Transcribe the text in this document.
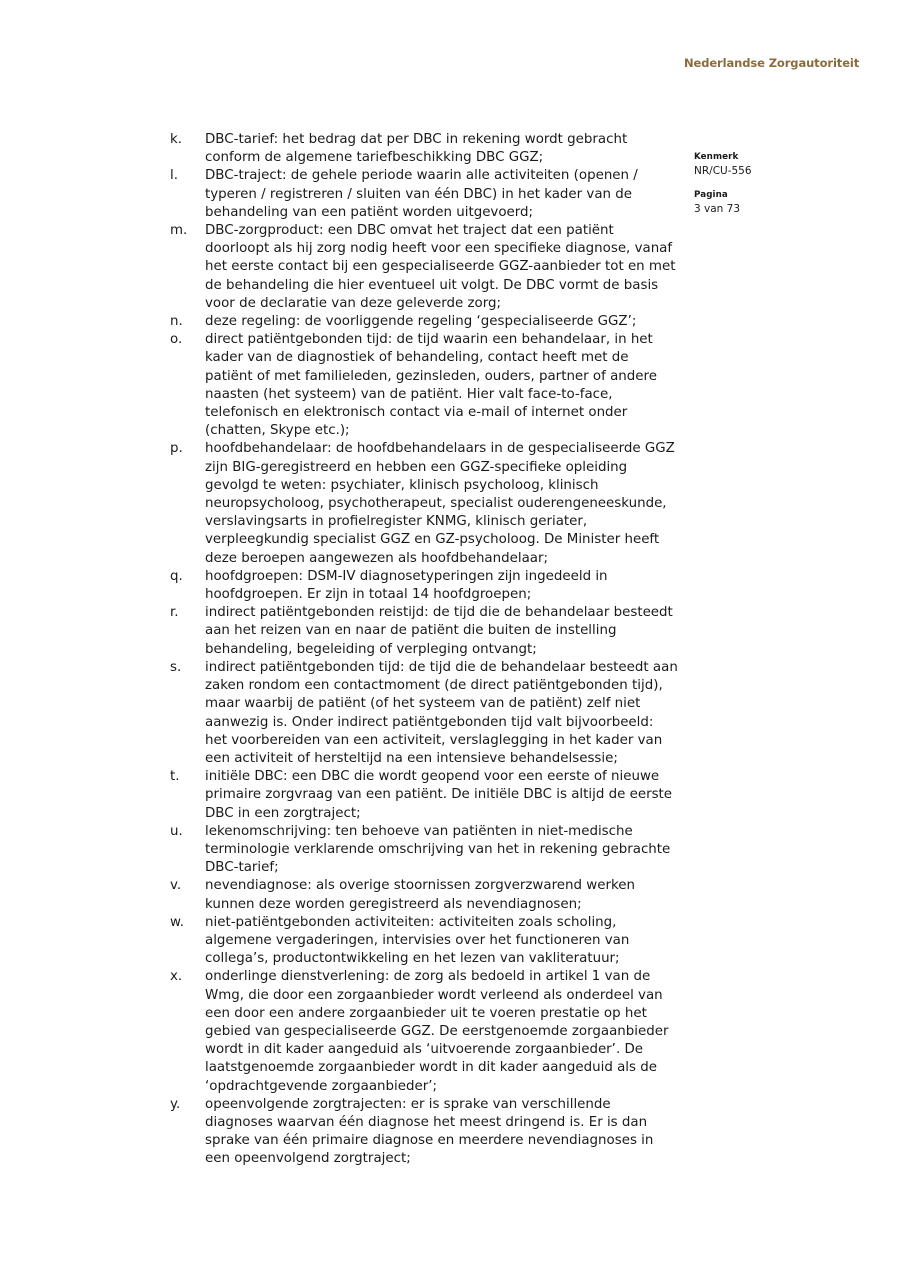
Nederlandse Zorgautoriteit
k.	DBC-tarief: het bedrag dat per DBC in rekening wordt gebracht conform de algemene tariefbeschikking DBC GGZ;
l.	DBC-traject: de gehele periode waarin alle activiteiten (openen / typeren / registreren / sluiten van één DBC) in het kader van de behandeling van een patiënt worden uitgevoerd;
m.	DBC-zorgproduct: een DBC omvat het traject dat een patiënt doorloopt als hij zorg nodig heeft voor een specifieke diagnose, vanaf het eerste contact bij een gespecialiseerde GGZ-aanbieder tot en met de behandeling die hier eventueel uit volgt. De DBC vormt de basis voor de declaratie van deze geleverde zorg;
n.	deze regeling: de voorliggende regeling ‘gespecialiseerde GGZ’;
o.	direct patiëntgebonden tijd: de tijd waarin een behandelaar, in het kader van de diagnostiek of behandeling, contact heeft met de patiënt of met familieleden, gezinsleden, ouders, partner of andere naasten (het systeem) van de patiënt. Hier valt face-to-face, telefonisch en elektronisch contact via e-mail of internet onder (chatten, Skype etc.);
p.	hoofdbehandelaar: de hoofdbehandelaars in de gespecialiseerde GGZ zijn BIG-geregistreerd en hebben een GGZ-specifieke opleiding gevolgd te weten: psychiater, klinisch psycholoog, klinisch neuropsycholoog, psychotherapeut, specialist ouderengeneeskunde, verslavingsarts in profielregister KNMG, klinisch geriater, verpleegkundig specialist GGZ en GZ-psycholoog. De Minister heeft deze beroepen aangewezen als hoofdbehandelaar;
q.	hoofdgroepen: DSM-IV diagnosetyperingen zijn ingedeeld in hoofdgroepen. Er zijn in totaal 14 hoofdgroepen;
r.	indirect patiëntgebonden reistijd: de tijd die de behandelaar besteedt aan het reizen van en naar de patiënt die buiten de instelling behandeling, begeleiding of verpleging ontvangt;
s.	indirect patiëntgebonden tijd: de tijd die de behandelaar besteedt aan zaken rondom een contactmoment (de direct patiëntgebonden tijd), maar waarbij de patiënt (of het systeem van de patiënt) zelf niet aanwezig is. Onder indirect patiëntgebonden tijd valt bijvoorbeeld: het voorbereiden van een activiteit, verslaglegging in het kader van een activiteit of hersteltijd na een intensieve behandelsessie;
t.	initiële DBC: een DBC die wordt geopend voor een eerste of nieuwe primaire zorgvraag van een patiënt. De initiële DBC is altijd de eerste DBC in een zorgtraject;
u.	lekenomschrijving: ten behoeve van patiënten in niet-medische terminologie verklarende omschrijving van het in rekening gebrachte DBC-tarief;
v.	nevendiagnose: als overige stoornissen zorgverzwarend werken kunnen deze worden geregistreerd als nevendiagnosen;
w.	niet-patiëntgebonden activiteiten: activiteiten zoals scholing, algemene vergaderingen, intervisies over het functioneren van collega’s, productontwikkeling en het lezen van vakliteratuur;
x.	onderlinge dienstverlening: de zorg als bedoeld in artikel 1 van de Wmg, die door een zorgaanbieder wordt verleend als onderdeel van een door een andere zorgaanbieder uit te voeren prestatie op het gebied van gespecialiseerde GGZ. De eerstgenoemde zorgaanbieder wordt in dit kader aangeduid als ‘uitvoerende zorgaanbieder’. De laatstgenoemde zorgaanbieder wordt in dit kader aangeduid als de ‘opdrachtgevende zorgaanbieder’;
y.	opeenvolgende zorgtrajecten: er is sprake van verschillende diagnoses waarvan één diagnose het meest dringend is. Er is dan sprake van één primaire diagnose en meerdere nevendiagnoses in een opeenvolgend zorgtraject;
Kenmerk
NR/CU-556
Pagina
3 van 73
